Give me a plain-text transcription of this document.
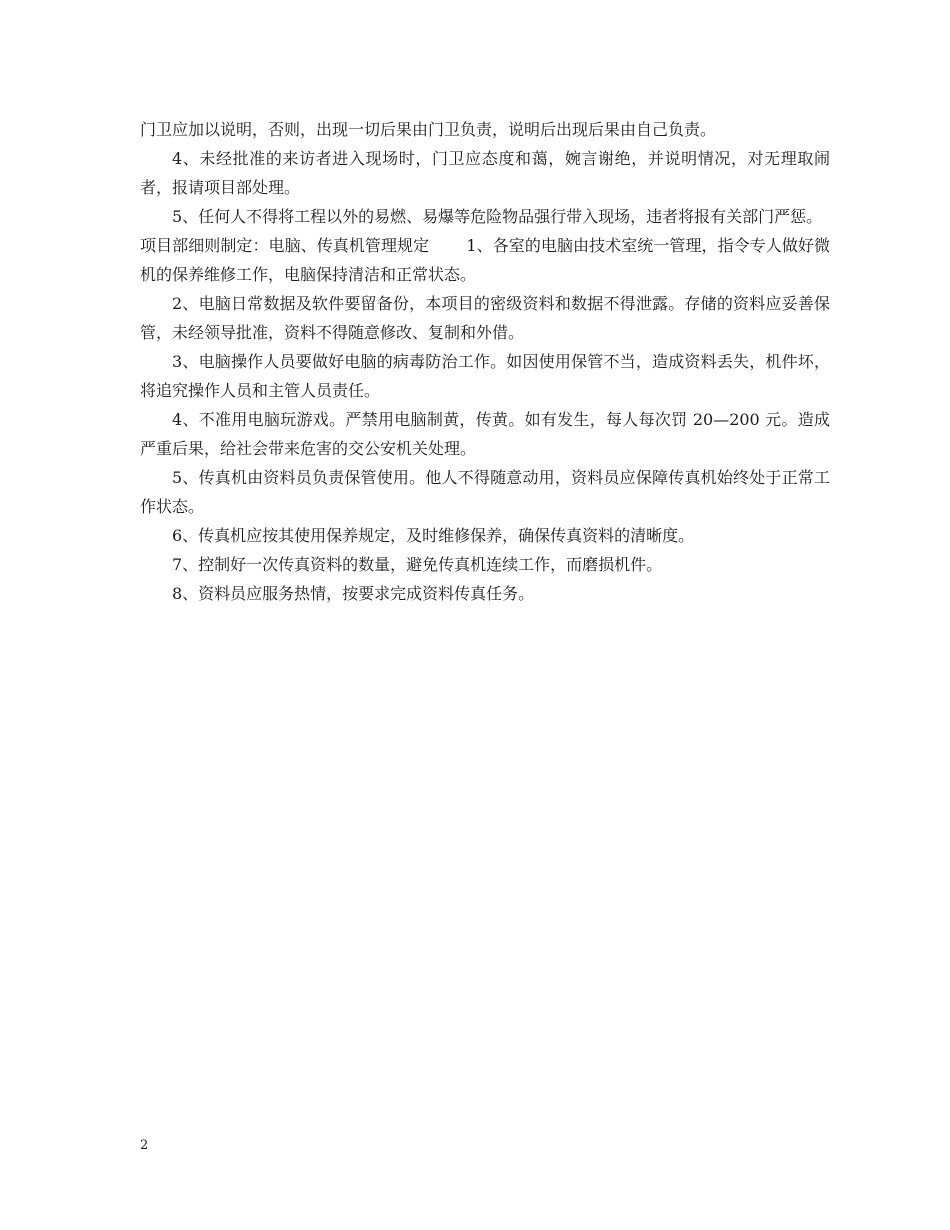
门卫应加以说明，否则，出现一切后果由门卫负责，说明后出现后果由自己负责。

4、未经批准的来访者进入现场时，门卫应态度和蔼，婉言谢绝，并说明情况，对无理取闹者，报请项目部处理。

5、任何人不得将工程以外的易燃、易爆等危险物品强行带入现场，违者将报有关部门严惩。

项目部细则制定：电脑、传真机管理规定　　 1、各室的电脑由技术室统一管理，指令专人做好微机的保养维修工作，电脑保持清洁和正常状态。

2、电脑日常数据及软件要留备份，本项目的密级资料和数据不得泄露。存储的资料应妥善保管，未经领导批准，资料不得随意修改、复制和外借。

3、电脑操作人员要做好电脑的病毒防治工作。如因使用保管不当，造成资料丢失，机件坏，将追究操作人员和主管人员责任。

4、不准用电脑玩游戏。严禁用电脑制黄，传黄。如有发生，每人每次罚 20—200 元。造成严重后果，给社会带来危害的交公安机关处理。

5、传真机由资料员负责保管使用。他人不得随意动用，资料员应保障传真机始终处于正常工作状态。

6、传真机应按其使用保养规定，及时维修保养，确保传真资料的清晰度。

7、控制好一次传真资料的数量，避免传真机连续工作，而磨损机件。

8、资料员应服务热情，按要求完成资料传真任务。

2
